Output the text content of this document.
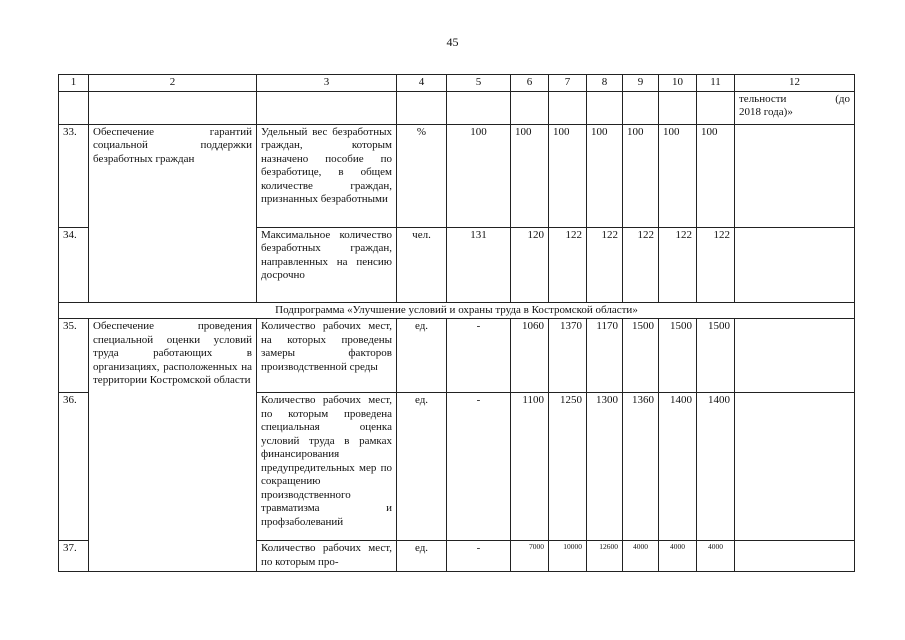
45
1	2	3	4	5	6	7	8	9	10	11	12

											тельности (до
2018 года)»

33.	Обеспечение гарантий социальной поддержки безработных граждан	Удельный вес безработных граждан, которым назначено пособие по безработице, в общем количестве граждан, признанных безработными	%	100	100	100	100	100	100	100	
34.		Максимальное количество безработных граждан, направленных на пенсию досрочно	чел.	131	120	122	122	122	122	122	
Подпрограмма «Улучшение условий и охраны труда в Костромской области»											
35.	Обеспечение проведения специальной оценки условий труда работающих в организациях, расположенных на территории Костромской области	Количество рабочих мест, на которых проведены замеры факторов производственной среды	ед.	-	1060	1370	1170	1500	1500	1500	
36.		Количество рабочих мест, по которым проведена специальная оценка условий труда в рамках финансирования предупредительных мер по сокращению производственного травматизма и профзаболеваний	ед.	-	1100	1250	1300	1360	1400	1400	
37.		Количество рабочих мест, по которым про-	ед.	-	7000	10000	12600	4000	4000	4000	
